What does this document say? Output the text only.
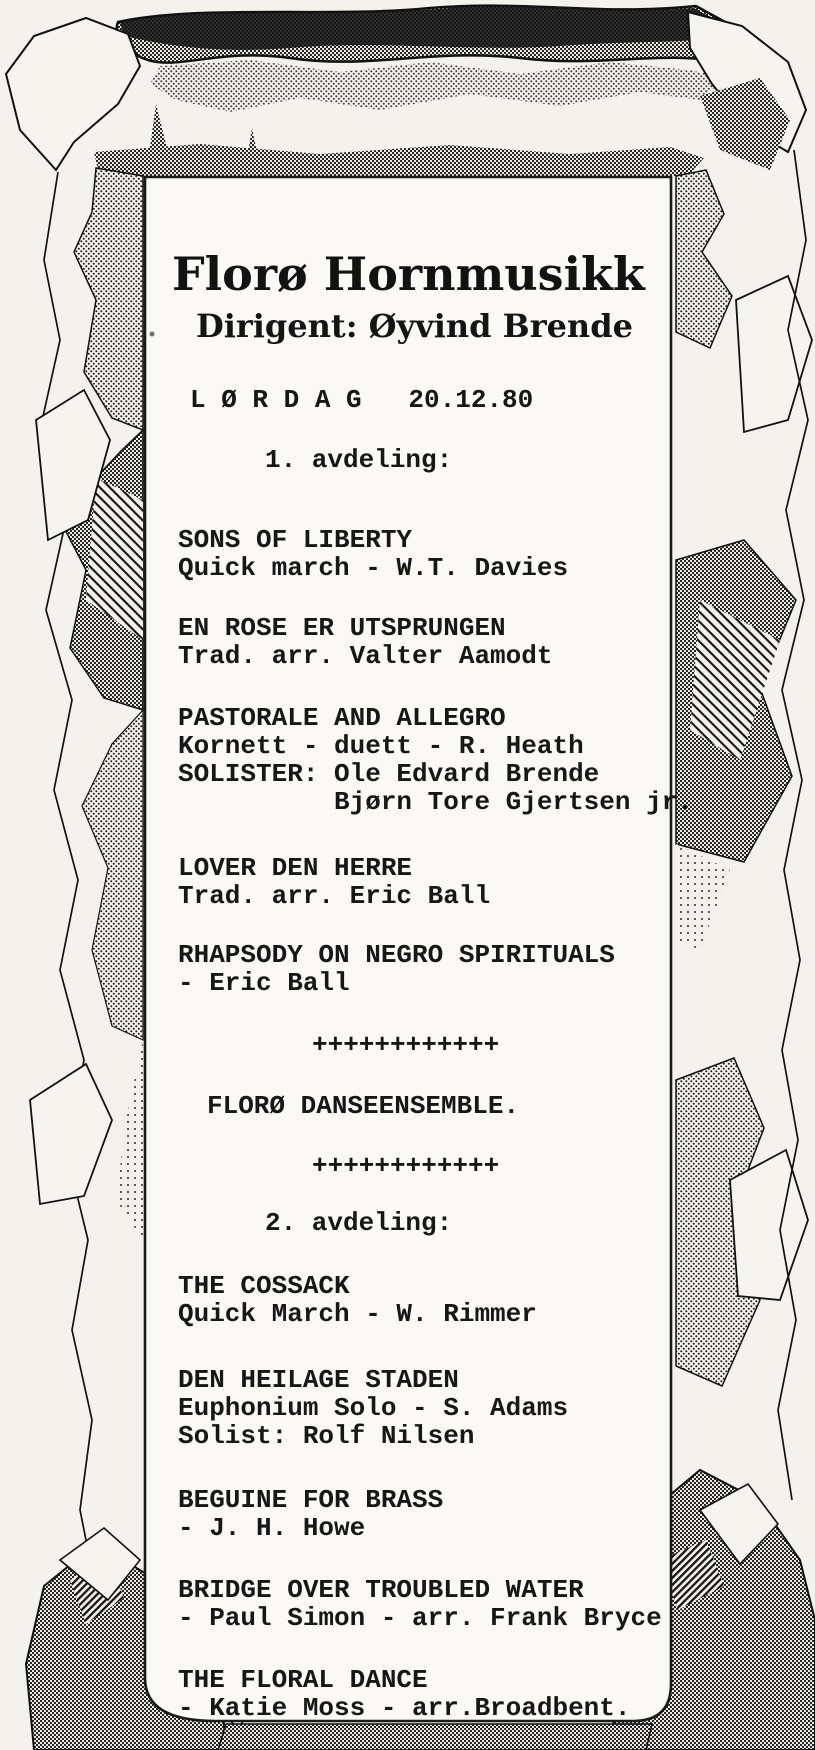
Florø Hornmusikk
Dirigent: Øyvind Brende
L Ø R D A G   20.12.80
1. avdeling:
SONS OF LIBERTY
Quick march - W.T. Davies
EN ROSE ER UTSPRUNGEN
Trad. arr. Valter Aamodt
PASTORALE AND ALLEGRO
Kornett - duett - R. Heath
SOLISTER: Ole Edvard Brende
Bjørn Tore Gjertsen jr.
LOVER DEN HERRE
Trad. arr. Eric Ball
RHAPSODY ON NEGRO SPIRITUALS
- Eric Ball
++++++++++++
FLORØ DANSEENSEMBLE.
++++++++++++
2. avdeling:
THE COSSACK
Quick March - W. Rimmer
DEN HEILAGE STADEN
Euphonium Solo - S. Adams
Solist: Rolf Nilsen
BEGUINE FOR BRASS
- J. H. Howe
BRIDGE OVER TROUBLED WATER
- Paul Simon - arr. Frank Bryce
THE FLORAL DANCE
- Katie Moss - arr.Broadbent.
